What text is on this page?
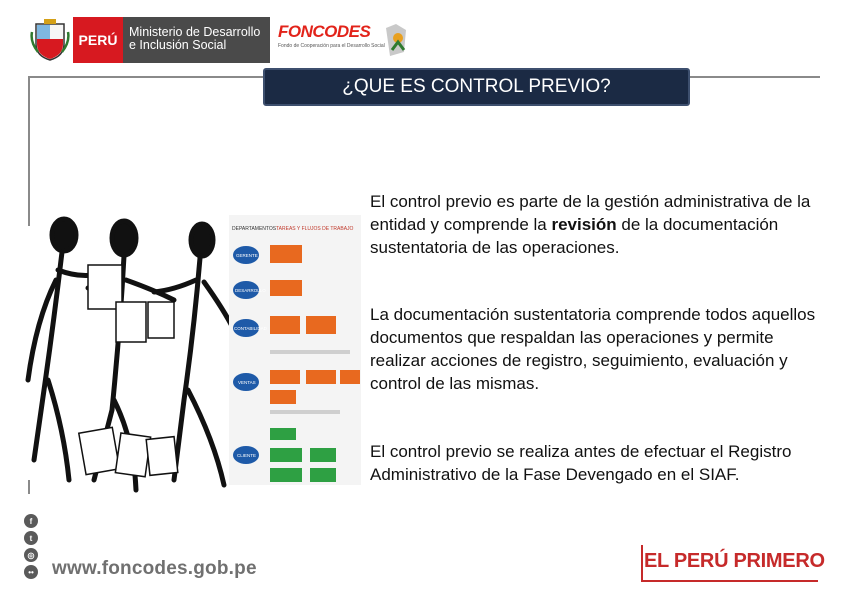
PERÚ Ministerio de Desarrollo
e Inclusión Social
FONCODES
Fondo de Cooperación para el Desarrollo Social
¿QUE ES CONTROL PREVIO?
DEPARTAMENTOS TAREAS Y FLUJOS DE TRABAJO
GERENTE
DESARROLLO
CONTABILIDAD
VENTAS
CLIENTE
El control previo es parte de la gestión administrativa de la entidad y comprende la revisión de la documentación sustentatoria de las operaciones.
La documentación sustentatoria comprende todos aquellos documentos que respaldan las operaciones y permite realizar acciones de registro, seguimiento, evaluación y control de las mismas.
El control previo se realiza antes de efectuar el Registro Administrativo de la Fase Devengado en el SIAF.
f
t
◎
•• www.foncodes.gob.pe	EL PERÚ PRIMERO
